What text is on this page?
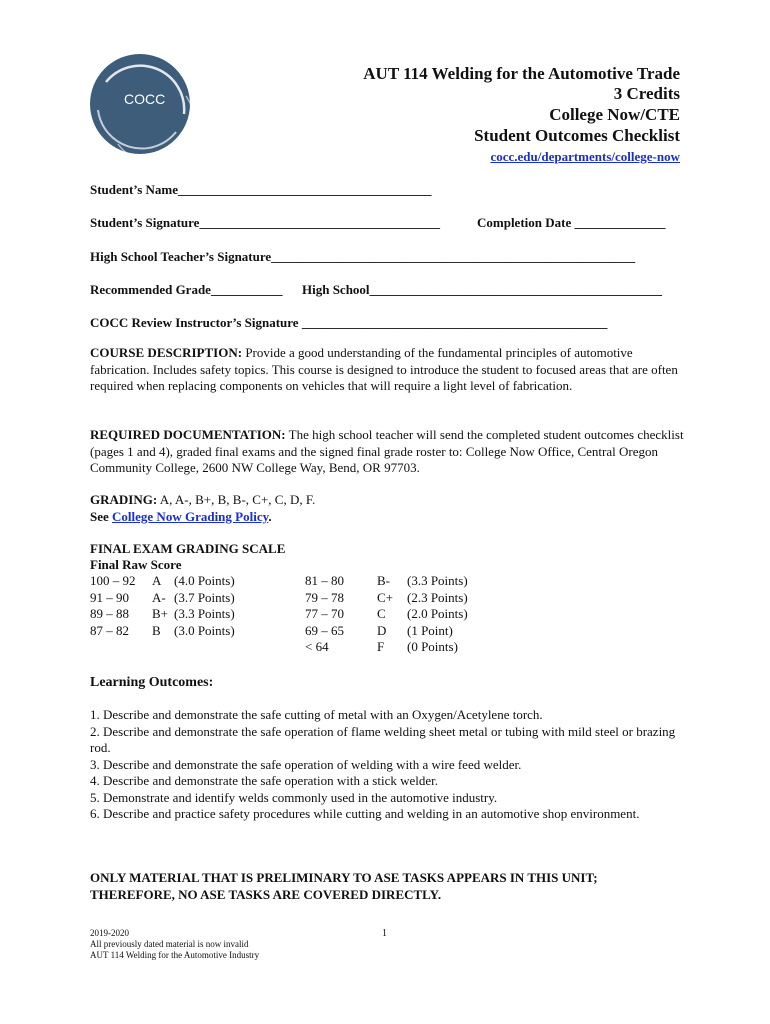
COCC
AUT 114 Welding for the Automotive Trade
3 Credits
College Now/CTE
Student Outcomes Checklist
cocc.edu/departments/college-now
Student’s Name_______________________________________
Student’s Signature_____________________________________	Completion Date ______________
High School Teacher’s Signature________________________________________________________
Recommended Grade___________ High School_____________________________________________
COCC Review Instructor’s Signature _______________________________________________
COURSE DESCRIPTION: Provide a good understanding of the fundamental principles of automotive fabrication. Includes safety topics. This course is designed to introduce the student to focused areas that are often required when replacing components on vehicles that will require a light level of fabrication.
REQUIRED DOCUMENTATION: The high school teacher will send the completed student outcomes checklist (pages 1 and 4), graded final exams and the signed final grade roster to: College Now Office, Central Oregon Community College, 2600 NW College Way, Bend, OR 97703.
GRADING: A, A-, B+, B, B-, C+, C, D, F.
See College Now Grading Policy.
FINAL EXAM GRADING SCALE
Final Raw Score
100 – 92 A (4.0 Points)
91 – 90 A- (3.7 Points)
89 – 88 B+ (3.3 Points)
87 – 82 B (3.0 Points)
81 – 80	B- (3.3 Points)
79 – 78	C+ (2.3 Points)
77 – 70	C (2.0 Points)
69 – 65	D (1 Point)
< 64	F (0 Points)
Learning Outcomes:
1. Describe and demonstrate the safe cutting of metal with an Oxygen/Acetylene torch.
2. Describe and demonstrate the safe operation of flame welding sheet metal or tubing with mild steel or brazing rod.
3. Describe and demonstrate the safe operation of welding with a wire feed welder.
4. Describe and demonstrate the safe operation with a stick welder.
5. Demonstrate and identify welds commonly used in the automotive industry.
6. Describe and practice safety procedures while cutting and welding in an automotive shop environment.
ONLY MATERIAL THAT IS PRELIMINARY TO ASE TASKS APPEARS IN THIS UNIT; THEREFORE, NO ASE TASKS ARE COVERED DIRECTLY.
2019-2020
All previously dated material is now invalid
AUT 114 Welding for the Automotive Industry
1
